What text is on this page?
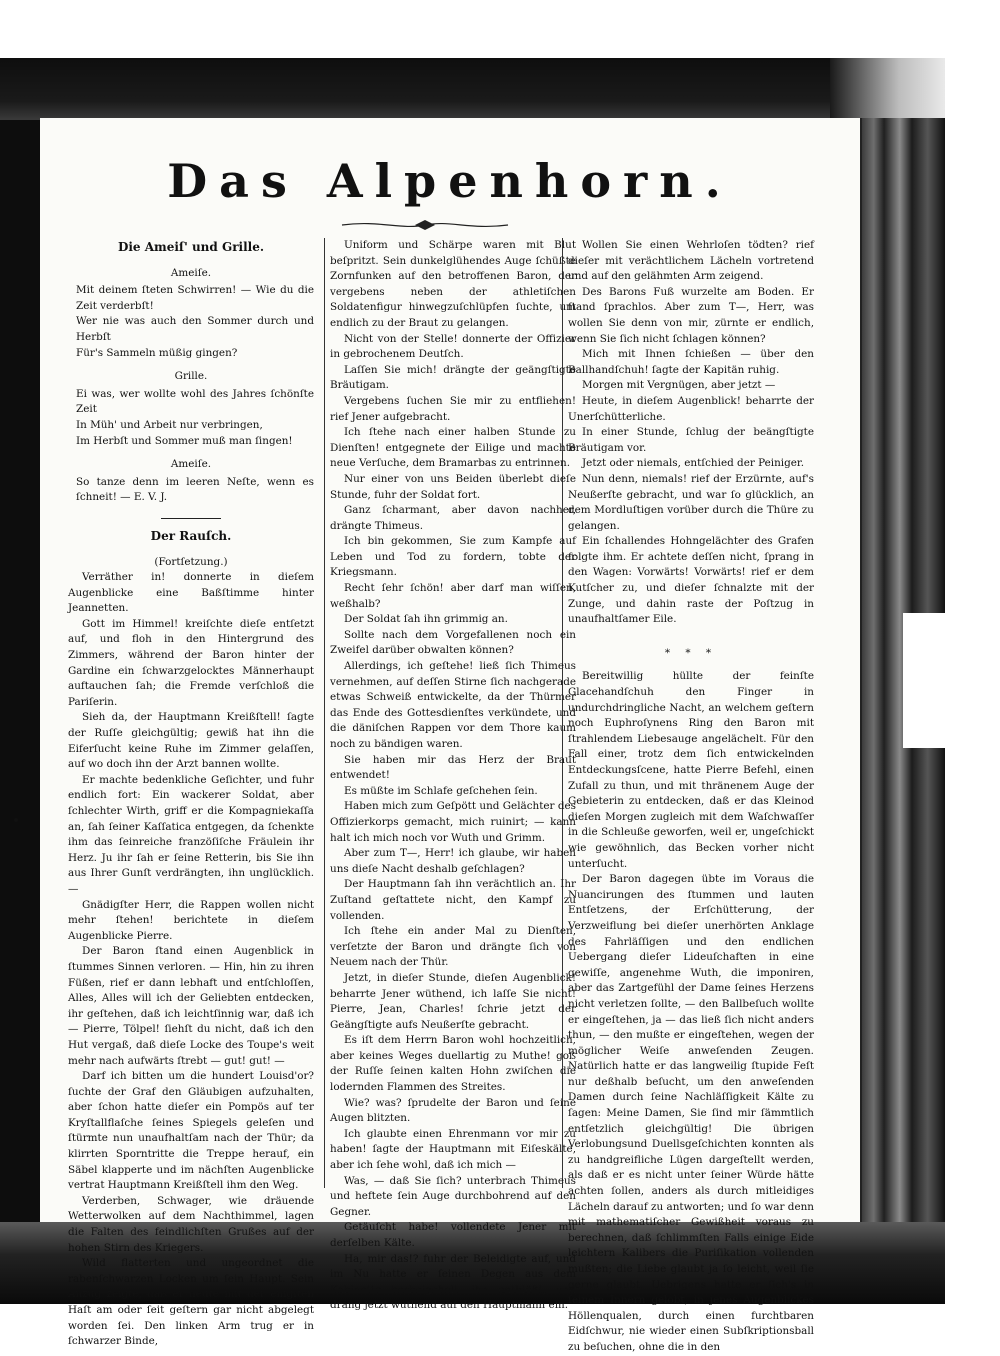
Das Alpenhorn.
Die Ameiſ' und Grille.
Ameiſe.

Mit deinem ſteten Schwirren! — Wie du die Zeit verderbſt!

Wer nie was auch den Sommer durch und Herbſt

Für's Sammeln müßig gingen?

Grille.

Ei was, wer wollte wohl des Jahres ſchönſte Zeit

In Müh' und Arbeit nur verbringen,

Im Herbſt und Sommer muß man ſingen!

Ameiſe.

So tanze denn im leeren Neſte, wenn es ſchneit! — E. V. J.

Der Rauſch.

(Fortſetzung.)

Verräther in! donnerte in dieſem Augenblicke eine Baßſtimme hinter Jeannetten.

Gott im Himmel! kreiſchte dieſe entſetzt auf, und floh in den Hintergrund des Zimmers, während der Baron hinter der Gardine ein ſchwarzgelocktes Männerhaupt auftauchen ſah; die Fremde verſchloß die Pariſerin.

Sieh da, der Hauptmann Kreißſtell! ſagte der Ruſſe gleichgültig; gewiß hat ihn die Eiferſucht keine Ruhe im Zimmer gelaſſen, auf wo doch ihn der Arzt bannen wollte.

Er machte bedenkliche Geſichter, und fuhr endlich fort: Ein wackerer Soldat, aber ſchlechter Wirth, griff er die Kompagniekaſſa an, ſah ſeiner Kaſſatica entgegen, da ſchenkte ihm das ſeinreiche franzöſiſche Fräulein ihr Herz. Ju ihr ſah er ſeine Retterin, bis Sie ihn aus Ihrer Gunſt verdrängten, ihn unglücklich. —

Gnädigſter Herr, die Rappen wollen nicht mehr ſtehen! berichtete in dieſem Augenblicke Pierre.

Der Baron ſtand einen Augenblick in ſtummes Sinnen verloren. — Hin, hin zu ihren Füßen, rief er dann lebhaft und entſchloſſen, Alles, Alles will ich der Geliebten entdecken, ihr geſtehen, daß ich leichtſinnig war, daß ich — Pierre, Tölpel! ſiehſt du nicht, daß ich den Hut vergaß, daß dieſe Locke des Toupe's weit mehr nach aufwärts ſtrebt — gut! gut! —

Darf ich bitten um die hundert Louisd'or? ſuchte der Graf den Gläubigen aufzuhalten, aber ſchon hatte dieſer ein Pompös auf ter Kryſtallflaſche ſeines Spiegels geleſen und ſtürmte nun unaufhaltſam nach der Thür; da klirrten Sporntritte die Treppe herauf, ein Säbel klapperte und im nächſten Augenblicke vertrat Hauptmann Kreißſtell ihm den Weg.

Verderben, Schwager, wie dräuende Wetterwolken auf dem Nachthimmel, lagen die Falten des feindlichſten Grußes auf der hohen Stirn des Kriegers.

Wild flatterten und ungeordnet die rabenſchwarzen Locken um ſein Haupt. Sein Anzug zeigte, daß er heute mit der eiligſten Haſt am oder ſeit geſtern gar nicht abgelegt worden ſei. Den linken Arm trug er in ſchwarzer Binde,

Uniform und Schärpe waren mit Blut beſpritzt. Sein dunkelglühendes Auge ſchüßte Zornfunken auf den betroffenen Baron, der vergebens neben der athletiſchen Soldatenfigur hinwegzuſchlüpfen ſuchte, um endlich zu der Braut zu gelangen.

Nicht von der Stelle! donnerte der Offizier in gebrochenem Deutſch.

Laſſen Sie mich! drängte der geängſtigte Bräutigam.

Vergebens ſuchen Sie mir zu entfliehen! rief Jener aufgebracht.

Ich ſtehe nach einer halben Stunde zu Dienſten! entgegnete der Eilige und machte neue Verſuche, dem Bramarbas zu entrinnen.

Nur einer von uns Beiden überlebt dieſe Stunde, fuhr der Soldat fort.

Ganz ſcharmant, aber davon nachher, drängte Thimeus.

Ich bin gekommen, Sie zum Kampfe auf Leben und Tod zu fordern, tobte der Kriegsmann.

Recht ſehr ſchön! aber darf man wiſſen, weßhalb?

Der Soldat ſah ihn grimmig an.

Sollte nach dem Vorgefallenen noch ein Zweifel darüber obwalten können?

Allerdings, ich geſtehe! ließ ſich Thimeus vernehmen, auf deſſen Stirne ſich nachgerade etwas Schweiß entwickelte, da der Thürmer das Ende des Gottesdienſtes verkündete, und die däniſchen Rappen vor dem Thore kaum noch zu bändigen waren.

Sie haben mir das Herz der Braut entwendet!

Es müßte im Schlafe geſchehen ſein.

Haben mich zum Geſpött und Gelächter des Offizierkorps gemacht, mich ruinirt; — kann halt ich mich noch vor Wuth und Grimm.

Aber zum T—, Herr! ich glaube, wir haben uns dieſe Nacht deshalb geſchlagen?

Der Hauptmann ſah ihn verächtlich an. Ihr Zuſtand geſtattete nicht, den Kampf zu vollenden.

Ich ſtehe ein ander Mal zu Dienſten, verſetzte der Baron und drängte ſich von Neuem nach der Thür.

Jetzt, in dieſer Stunde, dieſen Augenblick! beharrte Jener wüthend, ich laſſe Sie nicht! Pierre, Jean, Charles! ſchrie jetzt der Geängſtigte aufs Neußerſte gebracht.

Es iſt dem Herrn Baron wohl hochzeitlich, aber keines Weges duellartig zu Muthe! goß der Ruſſe ſeinen kalten Hohn zwiſchen die lodernden Flammen des Streites.

Wie? was? ſprudelte der Baron und ſeine Augen blitzten.

Ich glaubte einen Ehrenmann vor mir zu haben! ſagte der Hauptmann mit Eiſeskälte, aber ich ſehe wohl, daß ich mich —

Was, — daß Sie ſich? unterbrach Thimeus und heftete ſein Auge durchbohrend auf den Gegner.

Getäuſcht habe! vollendete Jener mit derſelben Kälte.

Ha, mir das!? fuhr der Beleidigte auf, und im Nu hatte er ſeinen Degen aus dem Kabinette herbeigeholt, ihn entblößt, und drang jetzt wüthend auf den Hauptmann ein.

Wollen Sie einen Wehrloſen tödten? rief dieſer mit verächtlichem Lächeln vortretend und auf den gelähmten Arm zeigend.

Des Barons Fuß wurzelte am Boden. Er ſtand ſprachlos. Aber zum T—, Herr, was wollen Sie denn von mir, zürnte er endlich, wenn Sie ſich nicht ſchlagen können?

Mich mit Ihnen ſchießen — über den Ballhandſchuh! ſagte der Kapitän ruhig.

Morgen mit Vergnügen, aber jetzt —

Heute, in dieſem Augenblick! beharrte der Unerſchütterliche.

In einer Stunde, ſchlug der beängſtigte Bräutigam vor.

Jetzt oder niemals, entſchied der Peiniger.

Nun denn, niemals! rief der Erzürnte, auf's Neußerſte gebracht, und war ſo glücklich, an dem Mordluſtigen vorüber durch die Thüre zu gelangen.

Ein ſchallendes Hohngelächter des Grafen folgte ihm. Er achtete deſſen nicht, ſprang in den Wagen: Vorwärts! Vorwärts! rief er dem Kutſcher zu, und dieſer ſchnalzte mit der Zunge, und dahin raste der Poſtzug in unaufhaltſamer Eile.

* * *

Bereitwillig hüllte der feinſte Glacehandſchuh den Finger in undurchdringliche Nacht, an welchem geſtern noch Euphroſynens Ring den Baron mit ſtrahlendem Liebesauge angelächelt. Für den Fall einer, trotz dem ſich entwickelnden Entdeckungsſcene, hatte Pierre Befehl, einen Zufall zu thun, und mit thränenem Auge der Gebieterin zu entdecken, daß er das Kleinod dieſen Morgen zugleich mit dem Waſchwaſſer in die Schleuße geworfen, weil er, ungeſchickt wie gewöhnlich, das Becken vorher nicht unterſucht.

Der Baron dagegen übte im Voraus die Nuancirungen des ſtummen und lauten Entſetzens, der Erſchütterung, der Verzweiflung bei dieſer unerhörten Anklage des Fahrläſſigen und den endlichen Uebergang dieſer Lideuſchaften in eine gewiſſe, angenehme Wuth, die imponiren, aber das Zartgefühl der Dame ſeines Herzens nicht verletzen ſollte, — den Ballbeſuch wollte er eingeſtehen, ja — das ließ ſich nicht anders thun, — den mußte er eingeſtehen, wegen der möglicher Weiſe anweſenden Zeugen. Natürlich hatte er das langweilig ſtupide Feſt nur deßhalb beſucht, um den anweſenden Damen durch ſeine Nachläſſigkeit Kälte zu ſagen: Meine Damen, Sie ſind mir ſämmtlich entſetzlich gleichgültig! Die übrigen Verlobungsund Duellsgeſchichten konnten als zu handgreifliche Lügen dargeſtellt werden, als daß er es nicht unter ſeiner Würde hätte achten ſollen, anders als durch mitleidiges Lächeln darauf zu antworten; und ſo war denn mit mathematiſcher Gewißheit voraus zu berechnen, daß ſchlimmſten Falls einige Eide leichtern Kalibers die Puriſikation vollenden mußten; die Liebe glaubt ja ſo leicht, weil ſie gerne glaubt. Uebrigens hatte er ſich's in ſeinem Innern gelobt, in jenes Augenblickes Höllenqualen, durch einen furchtbaren Eidſchwur, nie wieder einen Subſkriptionsball zu beſuchen, ohne die in den
